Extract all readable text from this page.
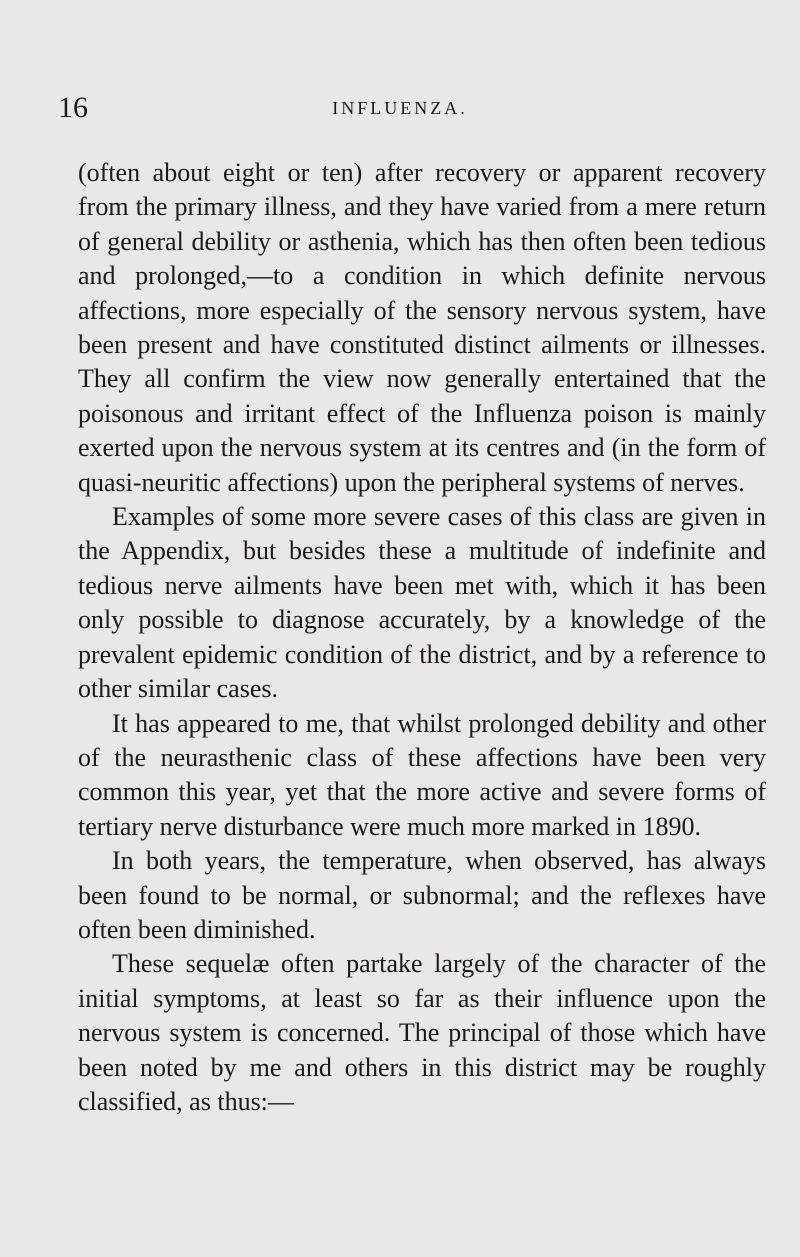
16	INFLUENZA.

(often about eight or ten) after recovery or apparent recovery from the primary illness, and they have varied from a mere return of general debility or asthenia, which has then often been tedious and prolonged,—to a condition in which definite nervous affections, more especially of the sensory nervous system, have been present and have constituted distinct ailments or illnesses. They all confirm the view now generally entertained that the poisonous and irritant effect of the Influenza poison is mainly exerted upon the nervous system at its centres and (in the form of quasi-neuritic affections) upon the peripheral systems of nerves.

Examples of some more severe cases of this class are given in the Appendix, but besides these a multitude of indefinite and tedious nerve ailments have been met with, which it has been only possible to diagnose accurately, by a knowledge of the prevalent epidemic condition of the district, and by a reference to other similar cases.

It has appeared to me, that whilst prolonged debility and other of the neurasthenic class of these affections have been very common this year, yet that the more active and severe forms of tertiary nerve disturbance were much more marked in 1890.

In both years, the temperature, when observed, has always been found to be normal, or subnormal; and the reflexes have often been diminished.

These sequelæ often partake largely of the character of the initial symptoms, at least so far as their influence upon the nervous system is concerned. The principal of those which have been noted by me and others in this district may be roughly classified, as thus:—
